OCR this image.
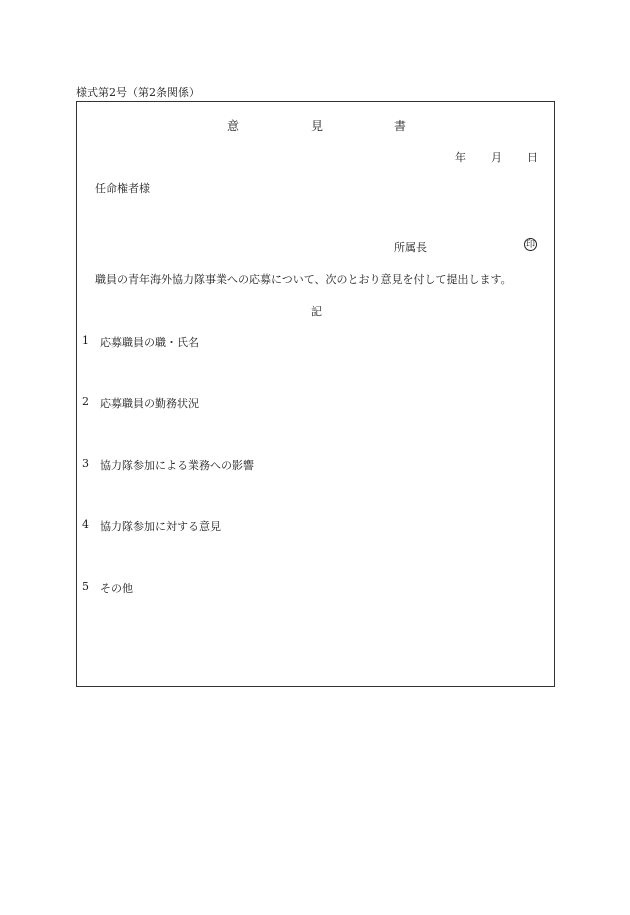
様式第2号（第2条関係）
意	見	書
年 月 日
任命権者様
所属長	印
職員の青年海外協力隊事業への応募について、次のとおり意見を付して提出します。
記
1 応募職員の職・氏名
2 応募職員の勤務状況
3 協力隊参加による業務への影響
4 協力隊参加に対する意見
5 その他
